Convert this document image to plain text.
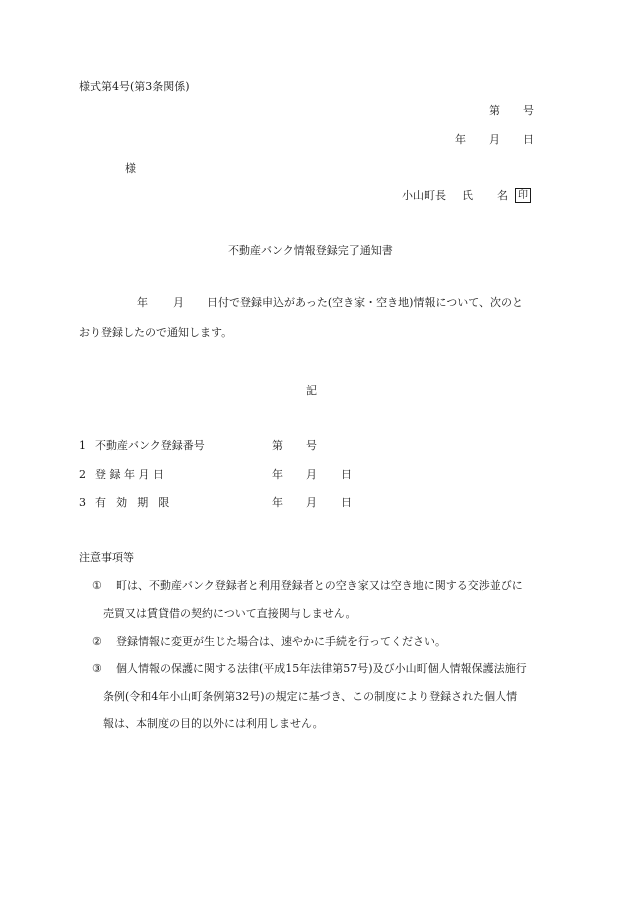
様式第4号(第3条関係)
第 号
年 月 日
様
小山町長 氏 名	印
不動産バンク情報登録完了通知書
年 月 日付で登録申込があった(空き家・空き地)情報について、次のと
おり登録したので通知します。
記
1 不動産バンク登録番号	第 号
2 登 録 年 月 日	年 月 日
3 有 効 期 限	年 月 日
注意事項等
① 町は、不動産バンク登録者と利用登録者との空き家又は空き地に関する交渉並びに
売買又は賃貸借の契約について直接関与しません。
② 登録情報に変更が生じた場合は、速やかに手続を行ってください。
③ 個人情報の保護に関する法律(平成15年法律第57号)及び小山町個人情報保護法施行
条例(令和4年小山町条例第32号)の規定に基づき、この制度により登録された個人情
報は、本制度の目的以外には利用しません。
